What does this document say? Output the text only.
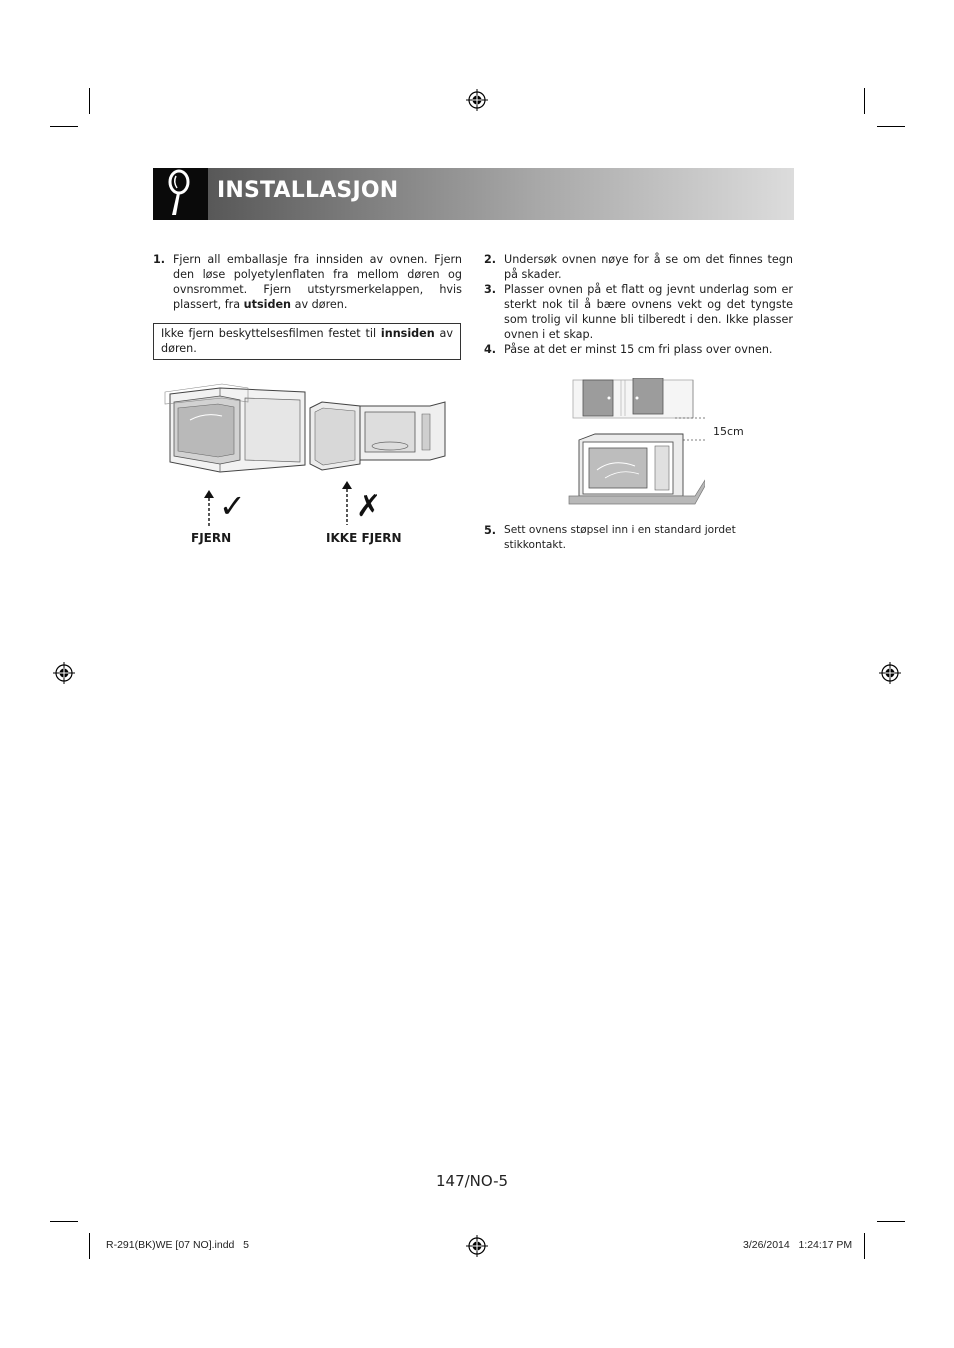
INSTALLASJON
1. Fjern all emballasje fra innsiden av ovnen. Fjern den løse polyetylenflaten fra mellom døren og ovnsrommet. Fjern utstyrsmerkelappen, hvis plassert, fra utsiden av døren.
Ikke fjern beskyttelsesfilmen festet til innsiden av døren.
✓	✗
FJERN	IKKE FJERN
2. Undersøk ovnen nøye for å se om det finnes tegn på skader.
3. Plasser ovnen på et flatt og jevnt underlag som er sterkt nok til å bære ovnens vekt og det tyngste som trolig vil kunne bli tilberedt i den. Ikke plasser ovnen i et skap.
4. Påse at det er minst 15 cm fri plass over ovnen.
15cm
5. Sett ovnens støpsel inn i en standard jordet stikkontakt.
147/NO-5
R-291(BK)WE [07 NO].indd   5	3/26/2014   1:24:17 PM
